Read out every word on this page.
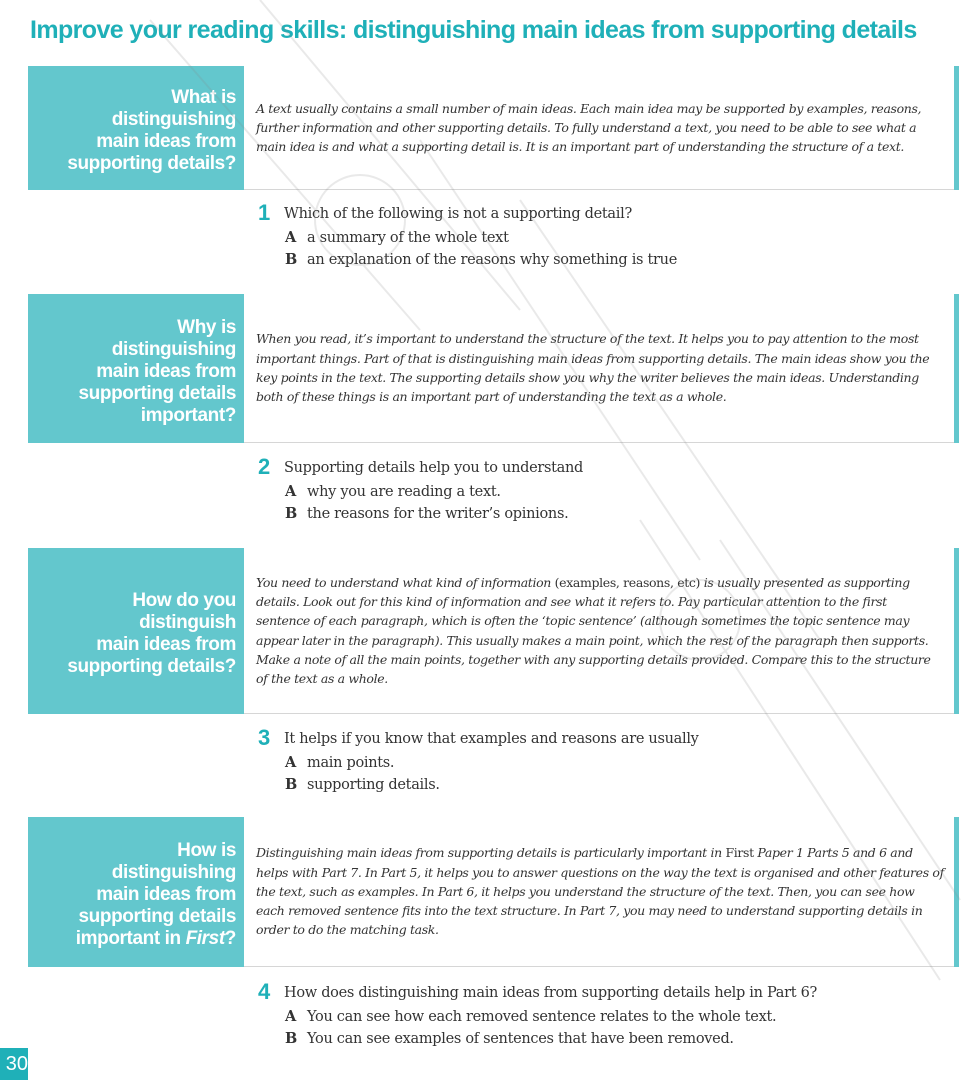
Improve your reading skills: distinguishing main ideas from supporting details
What is
distinguishing
main ideas from
supporting details?
A text usually contains a small number of main ideas. Each main idea may be supported by examples, reasons, further information and other supporting details. To fully understand a text, you need to be able to see what a main idea is and what a supporting detail is. It is an important part of understanding the structure of a text.
1 Which of the following is not a supporting detail?
A a summary of the whole text
B an explanation of the reasons why something is true
Why is
distinguishing
main ideas from
supporting details
important?
When you read, it’s important to understand the structure of the text. It helps you to pay attention to the most important things. Part of that is distinguishing main ideas from supporting details. The main ideas show you the key points in the text. The supporting details show you why the writer believes the main ideas. Understanding both of these things is an important part of understanding the text as a whole.
2 Supporting details help you to understand
A why you are reading a text.
B the reasons for the writer’s opinions.
How do you
distinguish
main ideas from
supporting details?
You need to understand what kind of information (examples, reasons, etc) is usually presented as supporting details. Look out for this kind of information and see what it refers to. Pay particular attention to the first sentence of each paragraph, which is often the ‘topic sentence’ (although sometimes the topic sentence may appear later in the paragraph). This usually makes a main point, which the rest of the paragraph then supports. Make a note of all the main points, together with any supporting details provided. Compare this to the structure of the text as a whole.
3 It helps if you know that examples and reasons are usually
A main points.
B supporting details.
How is
distinguishing
main ideas from
supporting details
important in First?
Distinguishing main ideas from supporting details is particularly important in First Paper 1 Parts 5 and 6 and helps with Part 7. In Part 5, it helps you to answer questions on the way the text is organised and other features of the text, such as examples. In Part 6, it helps you understand the structure of the text. Then, you can see how each removed sentence fits into the text structure. In Part 7, you may need to understand supporting details in order to do the matching task.
4 How does distinguishing main ideas from supporting details help in Part 6?
A You can see how each removed sentence relates to the whole text.
B You can see examples of sentences that have been removed.
30
